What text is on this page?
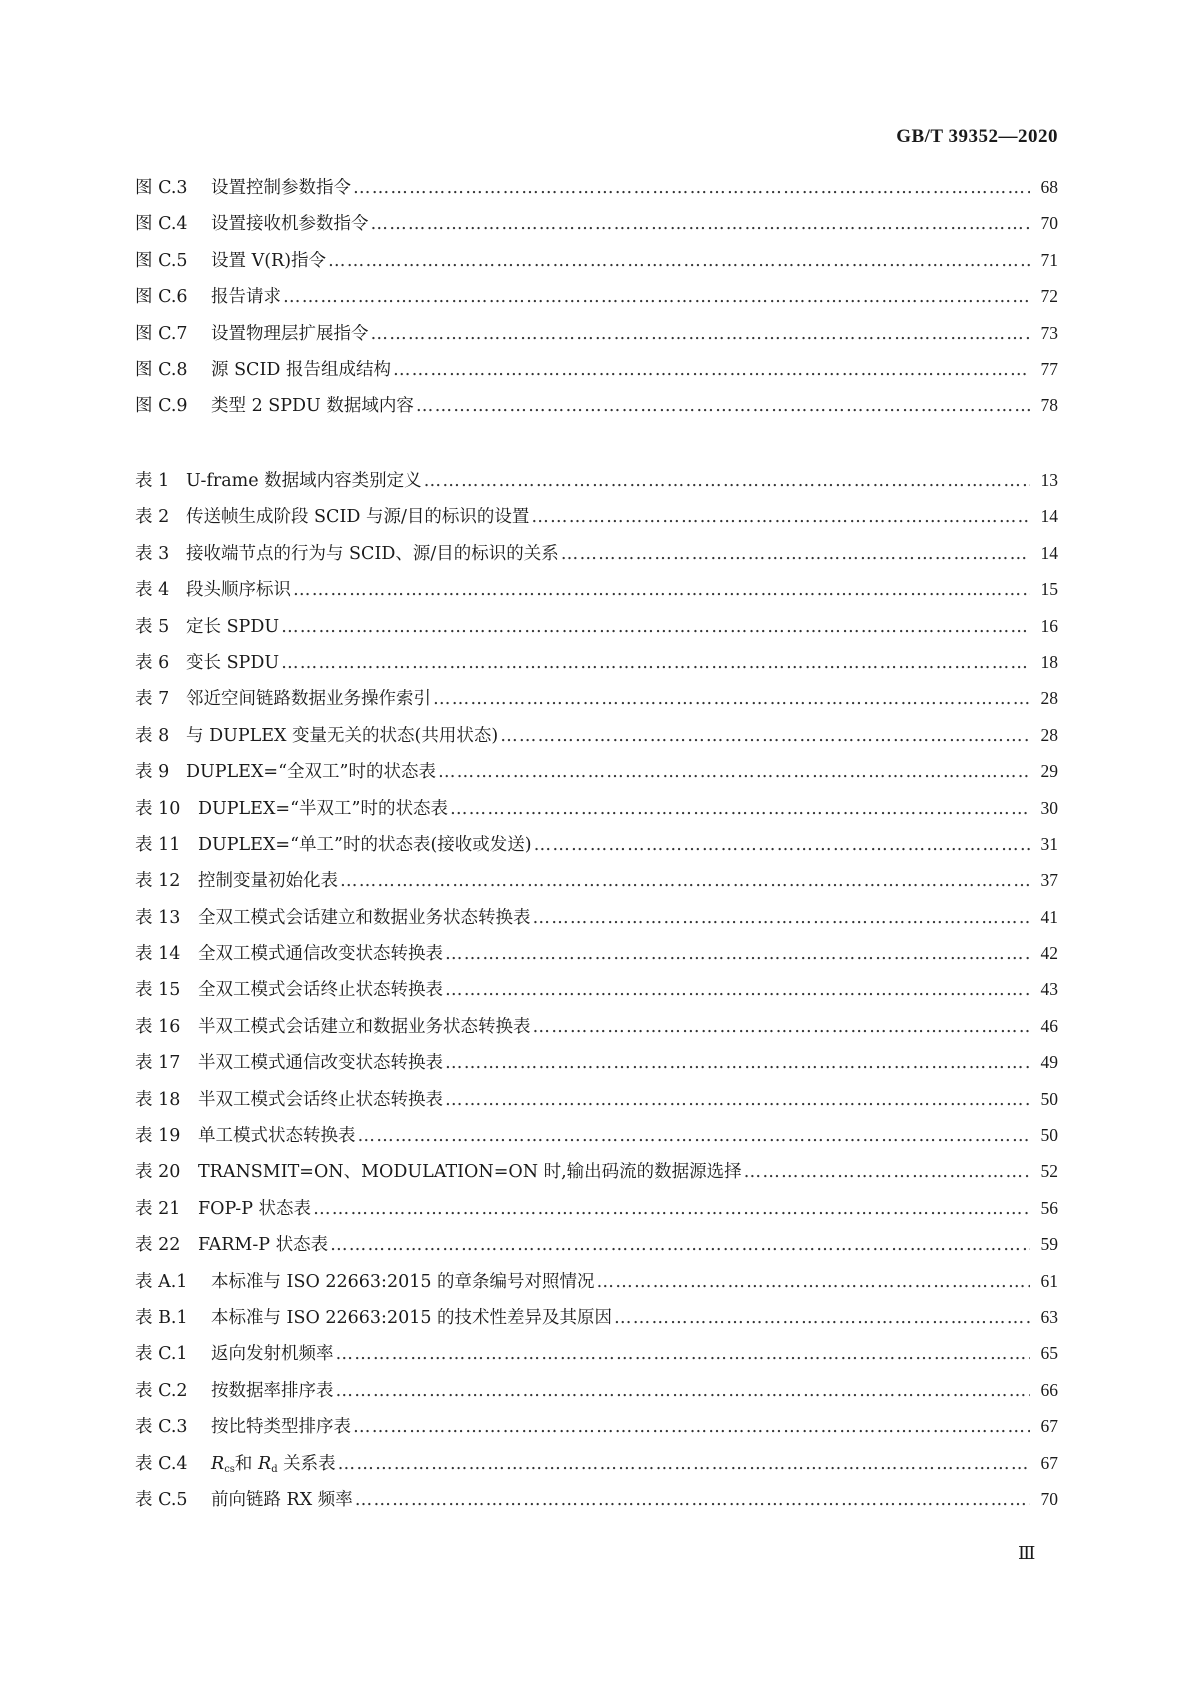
GB/T 39352—2020
图 C.3	设置控制参数指令 …………………………………………………………………………………………………………………………………………	68
图 C.4	设置接收机参数指令 …………………………………………………………………………………………………………………………………………	70
图 C.5	设置 V(R)指令 …………………………………………………………………………………………………………………………………………	71
图 C.6	报告请求 …………………………………………………………………………………………………………………………………………	72
图 C.7	设置物理层扩展指令 …………………………………………………………………………………………………………………………………………	73
图 C.8	源 SCID 报告组成结构 …………………………………………………………………………………………………………………………………………	77
图 C.9	类型 2 SPDU 数据域内容 …………………………………………………………………………………………………………………………………………	78
表 1 U-frame 数据域内容类别定义 …………………………………………………………………………………………………………………………………………	13
表 2 传送帧生成阶段 SCID 与源/目的标识的设置 …………………………………………………………………………………………………………………………………………	14
表 3 接收端节点的行为与 SCID、源/目的标识的关系 …………………………………………………………………………………………………………………………………………	14
表 4 段头顺序标识 …………………………………………………………………………………………………………………………………………	15
表 5 定长 SPDU …………………………………………………………………………………………………………………………………………	16
表 6 变长 SPDU …………………………………………………………………………………………………………………………………………	18
表 7 邻近空间链路数据业务操作索引 …………………………………………………………………………………………………………………………………………	28
表 8 与 DUPLEX 变量无关的状态(共用状态) …………………………………………………………………………………………………………………………………………	28
表 9 DUPLEX=“全双工”时的状态表 …………………………………………………………………………………………………………………………………………	29
表 10	DUPLEX=“半双工”时的状态表 …………………………………………………………………………………………………………………………………………	30
表 11	DUPLEX=“单工”时的状态表(接收或发送) …………………………………………………………………………………………………………………………………………	31
表 12	控制变量初始化表 …………………………………………………………………………………………………………………………………………	37
表 13	全双工模式会话建立和数据业务状态转换表 …………………………………………………………………………………………………………………………………………	41
表 14	全双工模式通信改变状态转换表 …………………………………………………………………………………………………………………………………………	42
表 15	全双工模式会话终止状态转换表 …………………………………………………………………………………………………………………………………………	43
表 16	半双工模式会话建立和数据业务状态转换表 …………………………………………………………………………………………………………………………………………	46
表 17	半双工模式通信改变状态转换表 …………………………………………………………………………………………………………………………………………	49
表 18	半双工模式会话终止状态转换表 …………………………………………………………………………………………………………………………………………	50
表 19	单工模式状态转换表 …………………………………………………………………………………………………………………………………………	50
表 20	TRANSMIT=ON、MODULATION=ON 时,输出码流的数据源选择 …………………………………………………………………………………………………………………………………………	52
表 21	FOP-P 状态表 …………………………………………………………………………………………………………………………………………	56
表 22	FARM-P 状态表 …………………………………………………………………………………………………………………………………………	59
表 A.1	本标准与 ISO 22663:2015 的章条编号对照情况 …………………………………………………………………………………………………………………………………………	61
表 B.1	本标准与 ISO 22663:2015 的技术性差异及其原因 …………………………………………………………………………………………………………………………………………	63
表 C.1	返向发射机频率 …………………………………………………………………………………………………………………………………………	65
表 C.2	按数据率排序表 …………………………………………………………………………………………………………………………………………	66
表 C.3	按比特类型排序表 …………………………………………………………………………………………………………………………………………	67
表 C.4	$R_{cs}$和 $R_d$ 关系表 …………………………………………………………………………………………………………………………………………	67
表 C.5	前向链路 RX 频率 …………………………………………………………………………………………………………………………………………	70
Ⅲ
